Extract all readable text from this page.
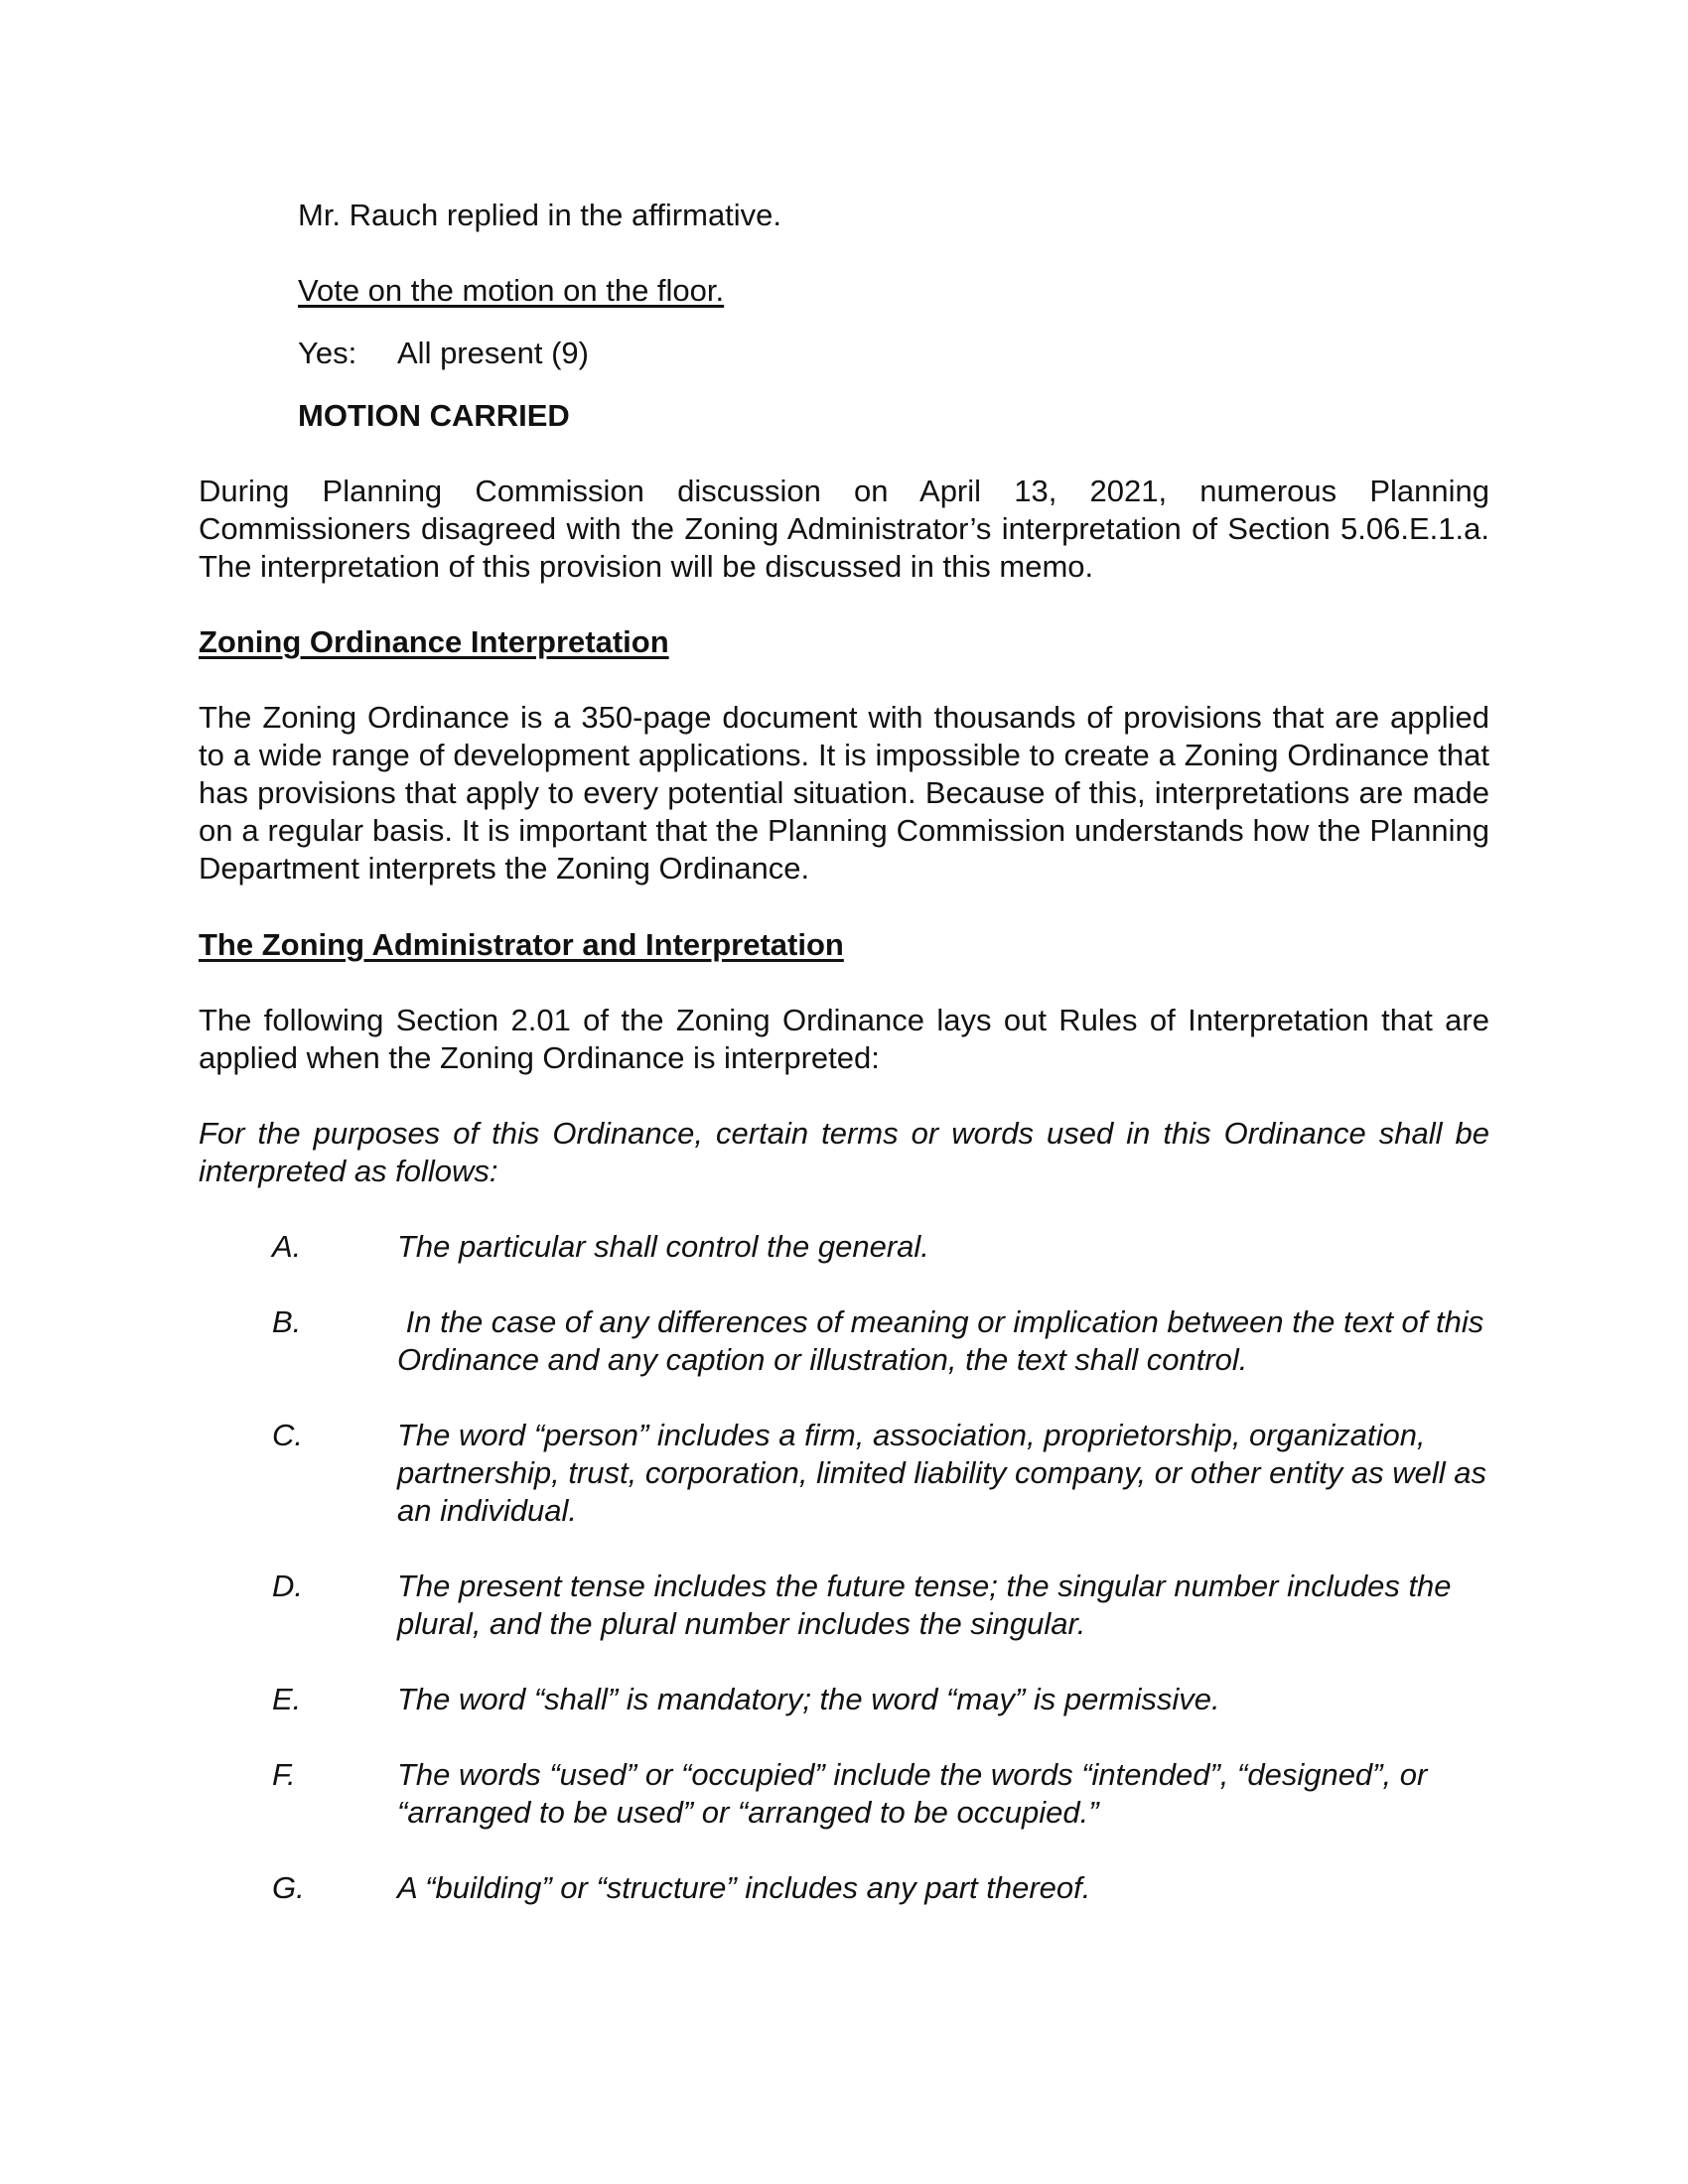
Mr. Rauch replied in the affirmative.

Vote on the motion on the floor.

Yes: All present (9)

MOTION CARRIED

During Planning Commission discussion on April 13, 2021, numerous Planning Commissioners disagreed with the Zoning Administrator’s interpretation of Section 5.06.E.1.a. The interpretation of this provision will be discussed in this memo.

Zoning Ordinance Interpretation

The Zoning Ordinance is a 350-page document with thousands of provisions that are applied to a wide range of development applications. It is impossible to create a Zoning Ordinance that has provisions that apply to every potential situation. Because of this, interpretations are made on a regular basis. It is important that the Planning Commission understands how the Planning Department interprets the Zoning Ordinance.

The Zoning Administrator and Interpretation

The following Section 2.01 of the Zoning Ordinance lays out Rules of Interpretation that are applied when the Zoning Ordinance is interpreted:

For the purposes of this Ordinance, certain terms or words used in this Ordinance shall be interpreted as follows:

A.	The particular shall control the general.

B.	In the case of any differences of meaning or implication between the text of this Ordinance and any caption or illustration, the text shall control.

C.	The word “person” includes a firm, association, proprietorship, organization, partnership, trust, corporation, limited liability company, or other entity as well as an individual.

D.	The present tense includes the future tense; the singular number includes the plural, and the plural number includes the singular.

E.	The word “shall” is mandatory; the word “may” is permissive.

F.	The words “used” or “occupied” include the words “intended”, “designed”, or “arranged to be used” or “arranged to be occupied.”

G.	A “building” or “structure” includes any part thereof.
